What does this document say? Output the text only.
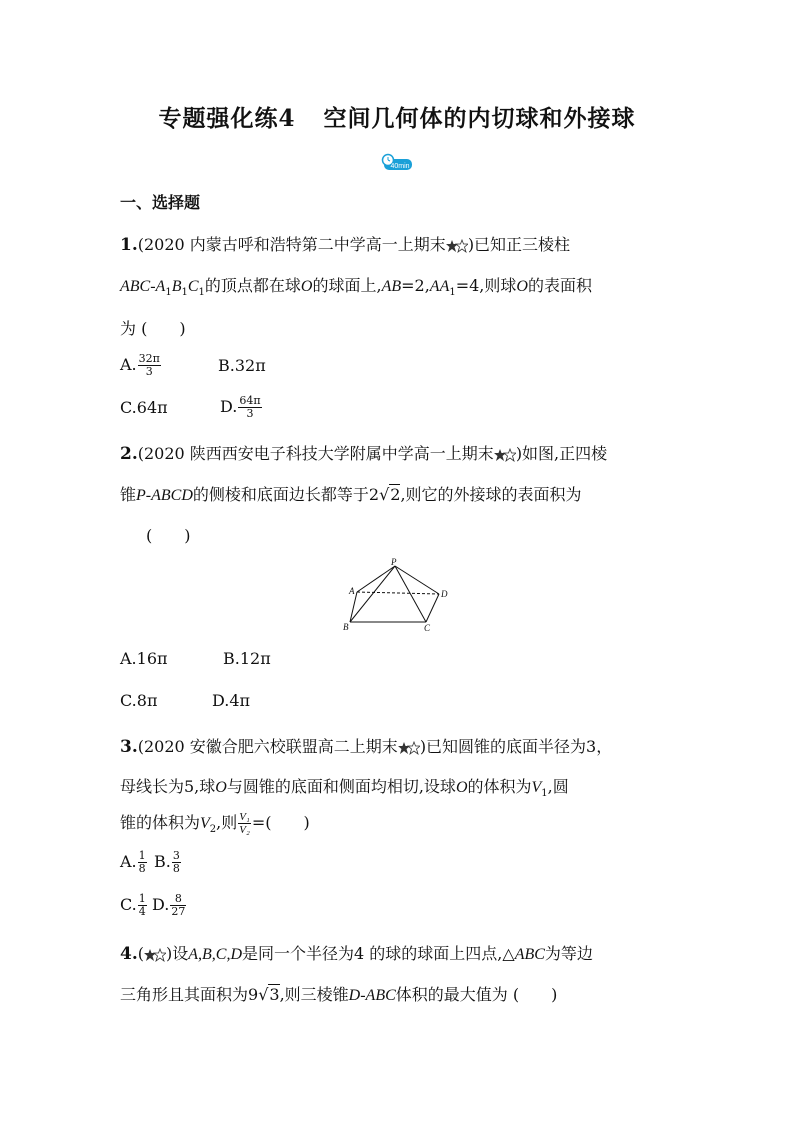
专题强化练4 空间几何体的内切球和外接球
40min
一、选择题
1.(2020 内蒙古呼和浩特第二中学高一上期末 )已知正三棱柱
ABC-$A_1B_1C_1$的顶点都在球O的球面上$,AB=2,AA_1=4$,则球O的表面积
为 (　　)
A. $\frac{32\pi}{3}$	B.32π
C.64π	D. $\frac{64\pi}{3}$
2.(2020 陕西西安电子科技大学附属中学高一上期末 )如图,正四棱
锥P-ABCD的侧棱和底面边长都等于2√2,则它的外接球的表面积为
(　　)
P
A
B	C
D
A.16π	B.12π
C.8π	D.4π
3.(2020 安徽合肥六校联盟高二上期末 )已知圆锥的底面半径为3，
母线长为5,球O与圆锥的底面和侧面均相切,设球O的体积为$V_1$,圆
锥的体积为$V_2$,则 $\frac{\text{V₁}}{\text{V₂}}$ =(　　)
A. $\frac{1}{8} B$. $\frac{3}{8}$
C. $\frac{1}{4} D$. $\frac{8}{27}$
4.( )设A,B,C,D是同一个半径为4 的球的球面上四点,△ABC为等边
三角形且其面积为9√3,则三棱锥D-ABC体积的最大值为 (　　)
